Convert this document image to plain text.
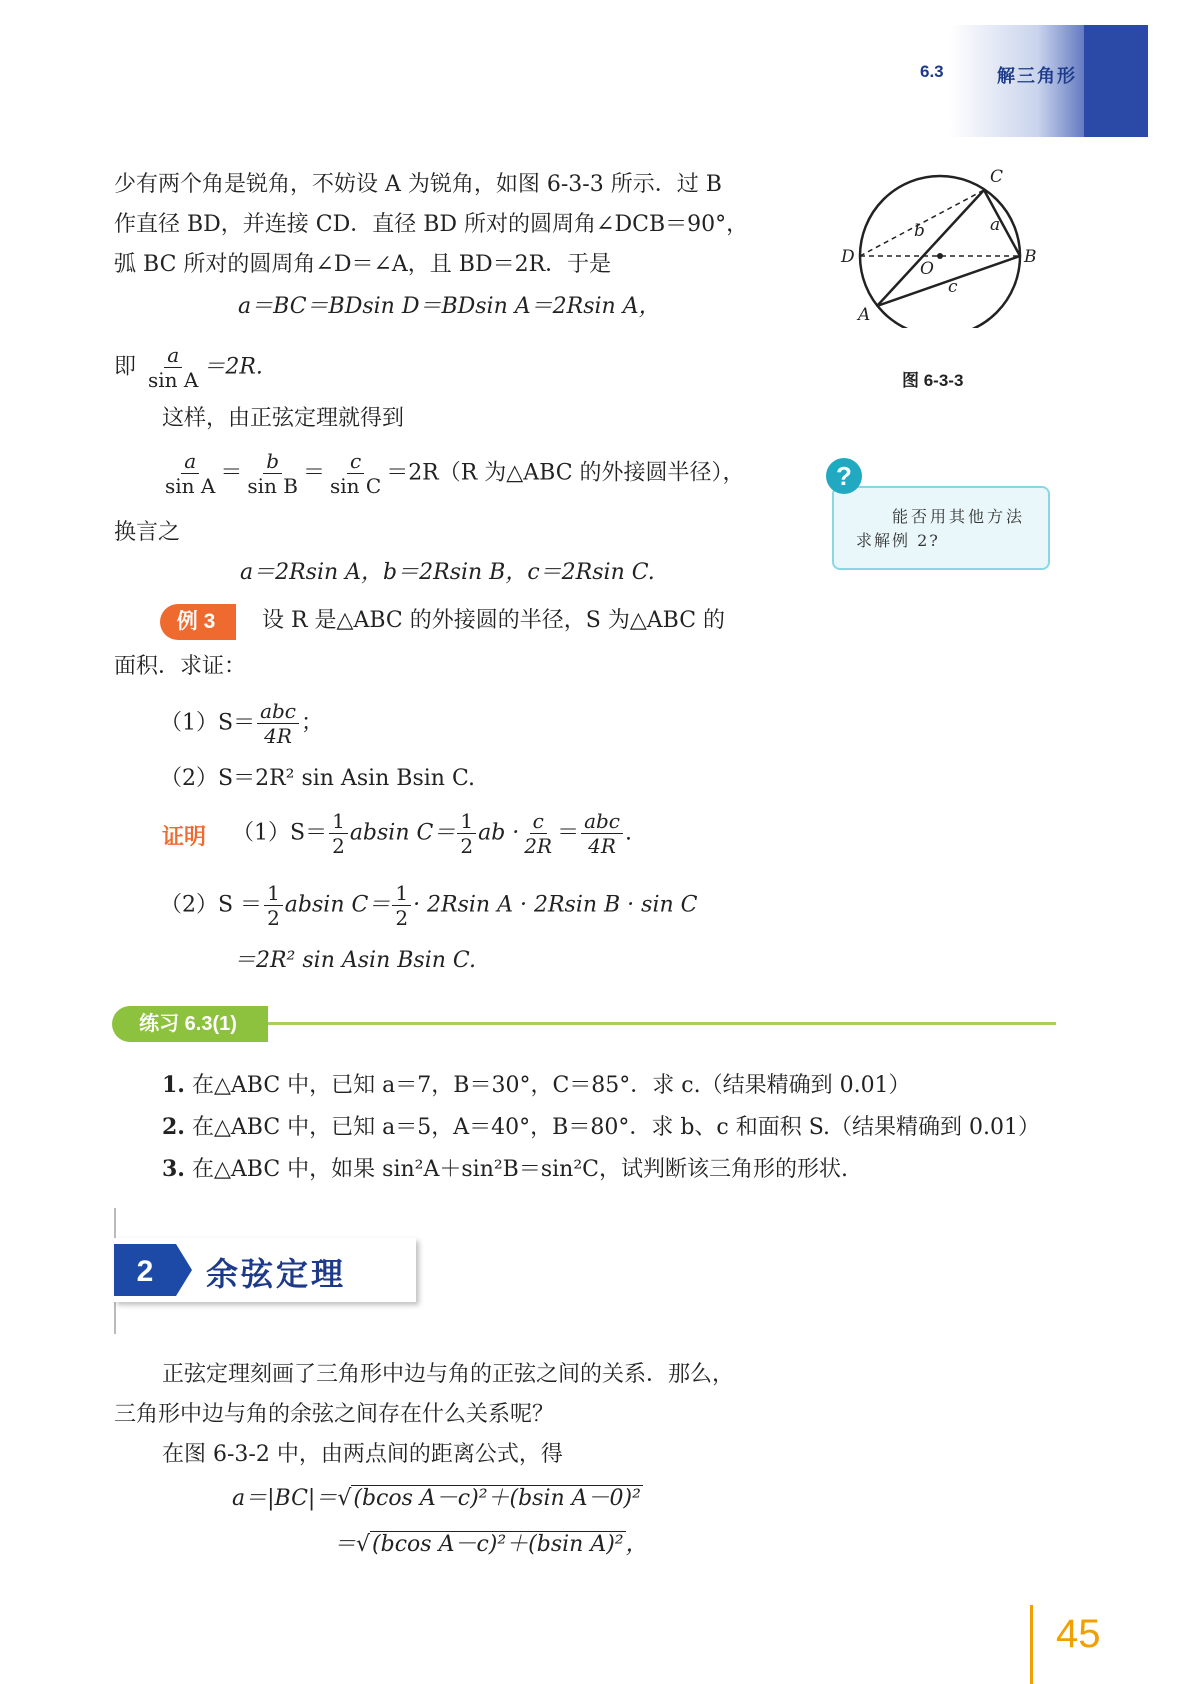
6.3	解三角形
少有两个角是锐角，不妨设 A 为锐角，如图 6-3-3 所示．过 B
作直径 BD，并连接 CD．直径 BD 所对的圆周角∠DCB＝90°，
弧 BC 所对的圆周角∠D＝∠A，且 BD＝2R．于是
a＝BC＝BDsin D＝BDsin A＝2Rsin A，
即 $\frac{a}{\text{sin A}} =2R$.
这样，由正弦定理就得到
$\frac{a}{\text{sin A}} = \frac{b}{\text{sin B}} = \frac{c}{\text{sin C}} =2R(R$ 为△ABC 的外接圆半径），
换言之
a＝2Rsin A，b＝2Rsin B，c＝2Rsin C.
例 3	设 R 是△ABC 的外接圆的半径，S 为△ABC 的
面积．求证：
$(1)S= \frac{\text{abc}}{4R}$ ；
（2）S＝2R² sin Asin Bsin C.
证明 $(1)S= \frac{1}{2}$ absin $C= \frac{1}{2}$ ab · $\frac{c}{2R} = \frac{\text{abc}}{4R}$ .
$(2)S = \frac{1}{2}$ absin $C= \frac{1}{2} \cdot 2Rsin$ A · 2Rsin B · sin C
＝2R² sin Asin Bsin C.
C
D	B
A
O
a
b
c
图 6-3-3
?
能否用其他方法
求解例 2?
练习 6.3(1)
1. 在△ABC 中，已知 a＝7，B＝30°，C＝85°．求 c.（结果精确到 0.01）
2. 在△ABC 中，已知 a＝5，A＝40°，B＝80°．求 b、c 和面积 S.（结果精确到 0.01）
3. 在△ABC 中，如果 sin²A＋sin²B＝sin²C，试判断该三角形的形状.
2 余弦定理
正弦定理刻画了三角形中边与角的正弦之间的关系．那么，
三角形中边与角的余弦之间存在什么关系呢？
在图 6-3-2 中，由两点间的距离公式，得
a＝|BC|＝√(bcos A－c)²＋(bsin A－0)²
＝√(bcos A－c)²＋(bsin A)²，
45
